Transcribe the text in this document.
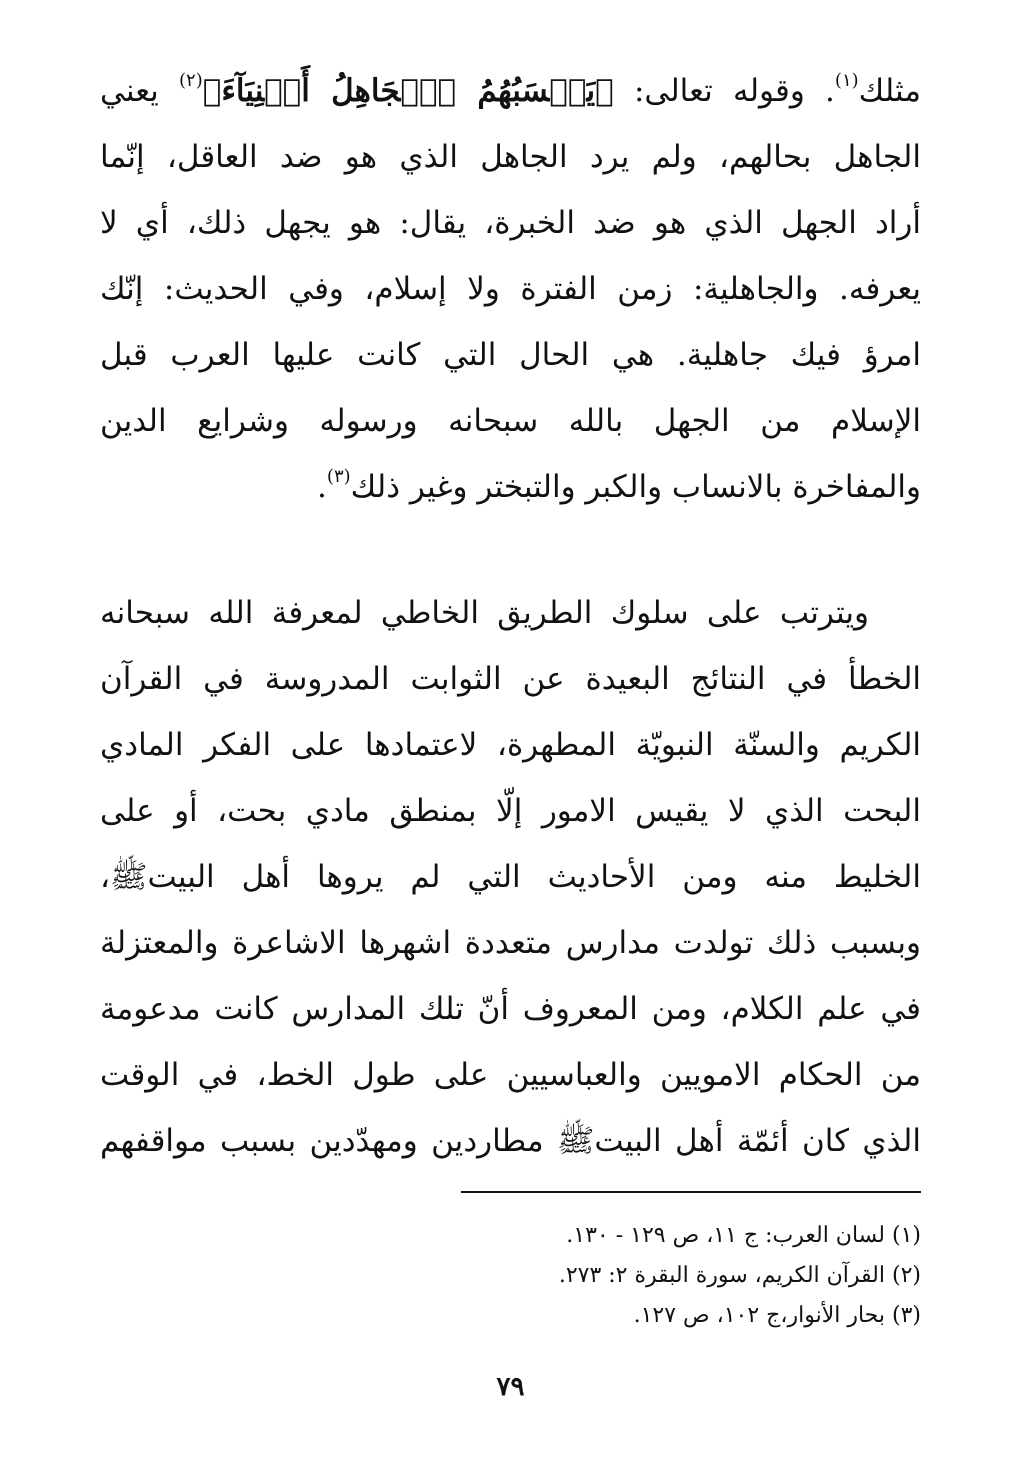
مثلك$^{(١)}$. وقوله تعالى: ﴿يَحۡسَبُهُمُ ٱلۡجَاهِلُ أَغۡنِيَآءَ﴾$^{(٢)}$ يعني
الجاهل بحالهم، ولم يرد الجاهل الذي هو ضد العاقل، إنّما
أراد الجهل الذي هو ضد الخبرة، يقال: هو يجهل ذلك، أي لا
يعرفه. والجاهلية: زمن الفترة ولا إسلام، وفي الحديث: إنّك
امرؤ فيك جاهلية. هي الحال التي كانت عليها العرب قبل
الإسلام من الجهل بالله سبحانه ورسوله وشرايع الدين
والمفاخرة بالانساب والكبر والتبختر وغير ذلك$^{(٣)}$.
ويترتب على سلوك الطريق الخاطي لمعرفة الله سبحانه
الخطأ في النتائج البعيدة عن الثوابت المدروسة في القرآن
الكريم والسنّة النبويّة المطهرة، لاعتمادها على الفكر المادي
البحت الذي لا يقيس الامور إلّا بمنطق مادي بحت، أو على
الخليط منه ومن الأحاديث التي لم يروها أهل البيتﷺ،
وبسبب ذلك تولدت مدارس متعددة اشهرها الاشاعرة والمعتزلة
في علم الكلام، ومن المعروف أنّ تلك المدارس كانت مدعومة
من الحكام الامويين والعباسيين على طول الخط، في الوقت
الذي كان أئمّة أهل البيتﷺ مطاردين ومهدّدين بسبب مواقفهم
(١) لسان العرب: ج ١١، ص ١٢٩ - ١٣٠.
(٢) القرآن الكريم، سورة البقرة ٢: ٢٧٣.
(٣) بحار الأنوار،ج ١٠٢، ص ١٢٧.
٧٩
